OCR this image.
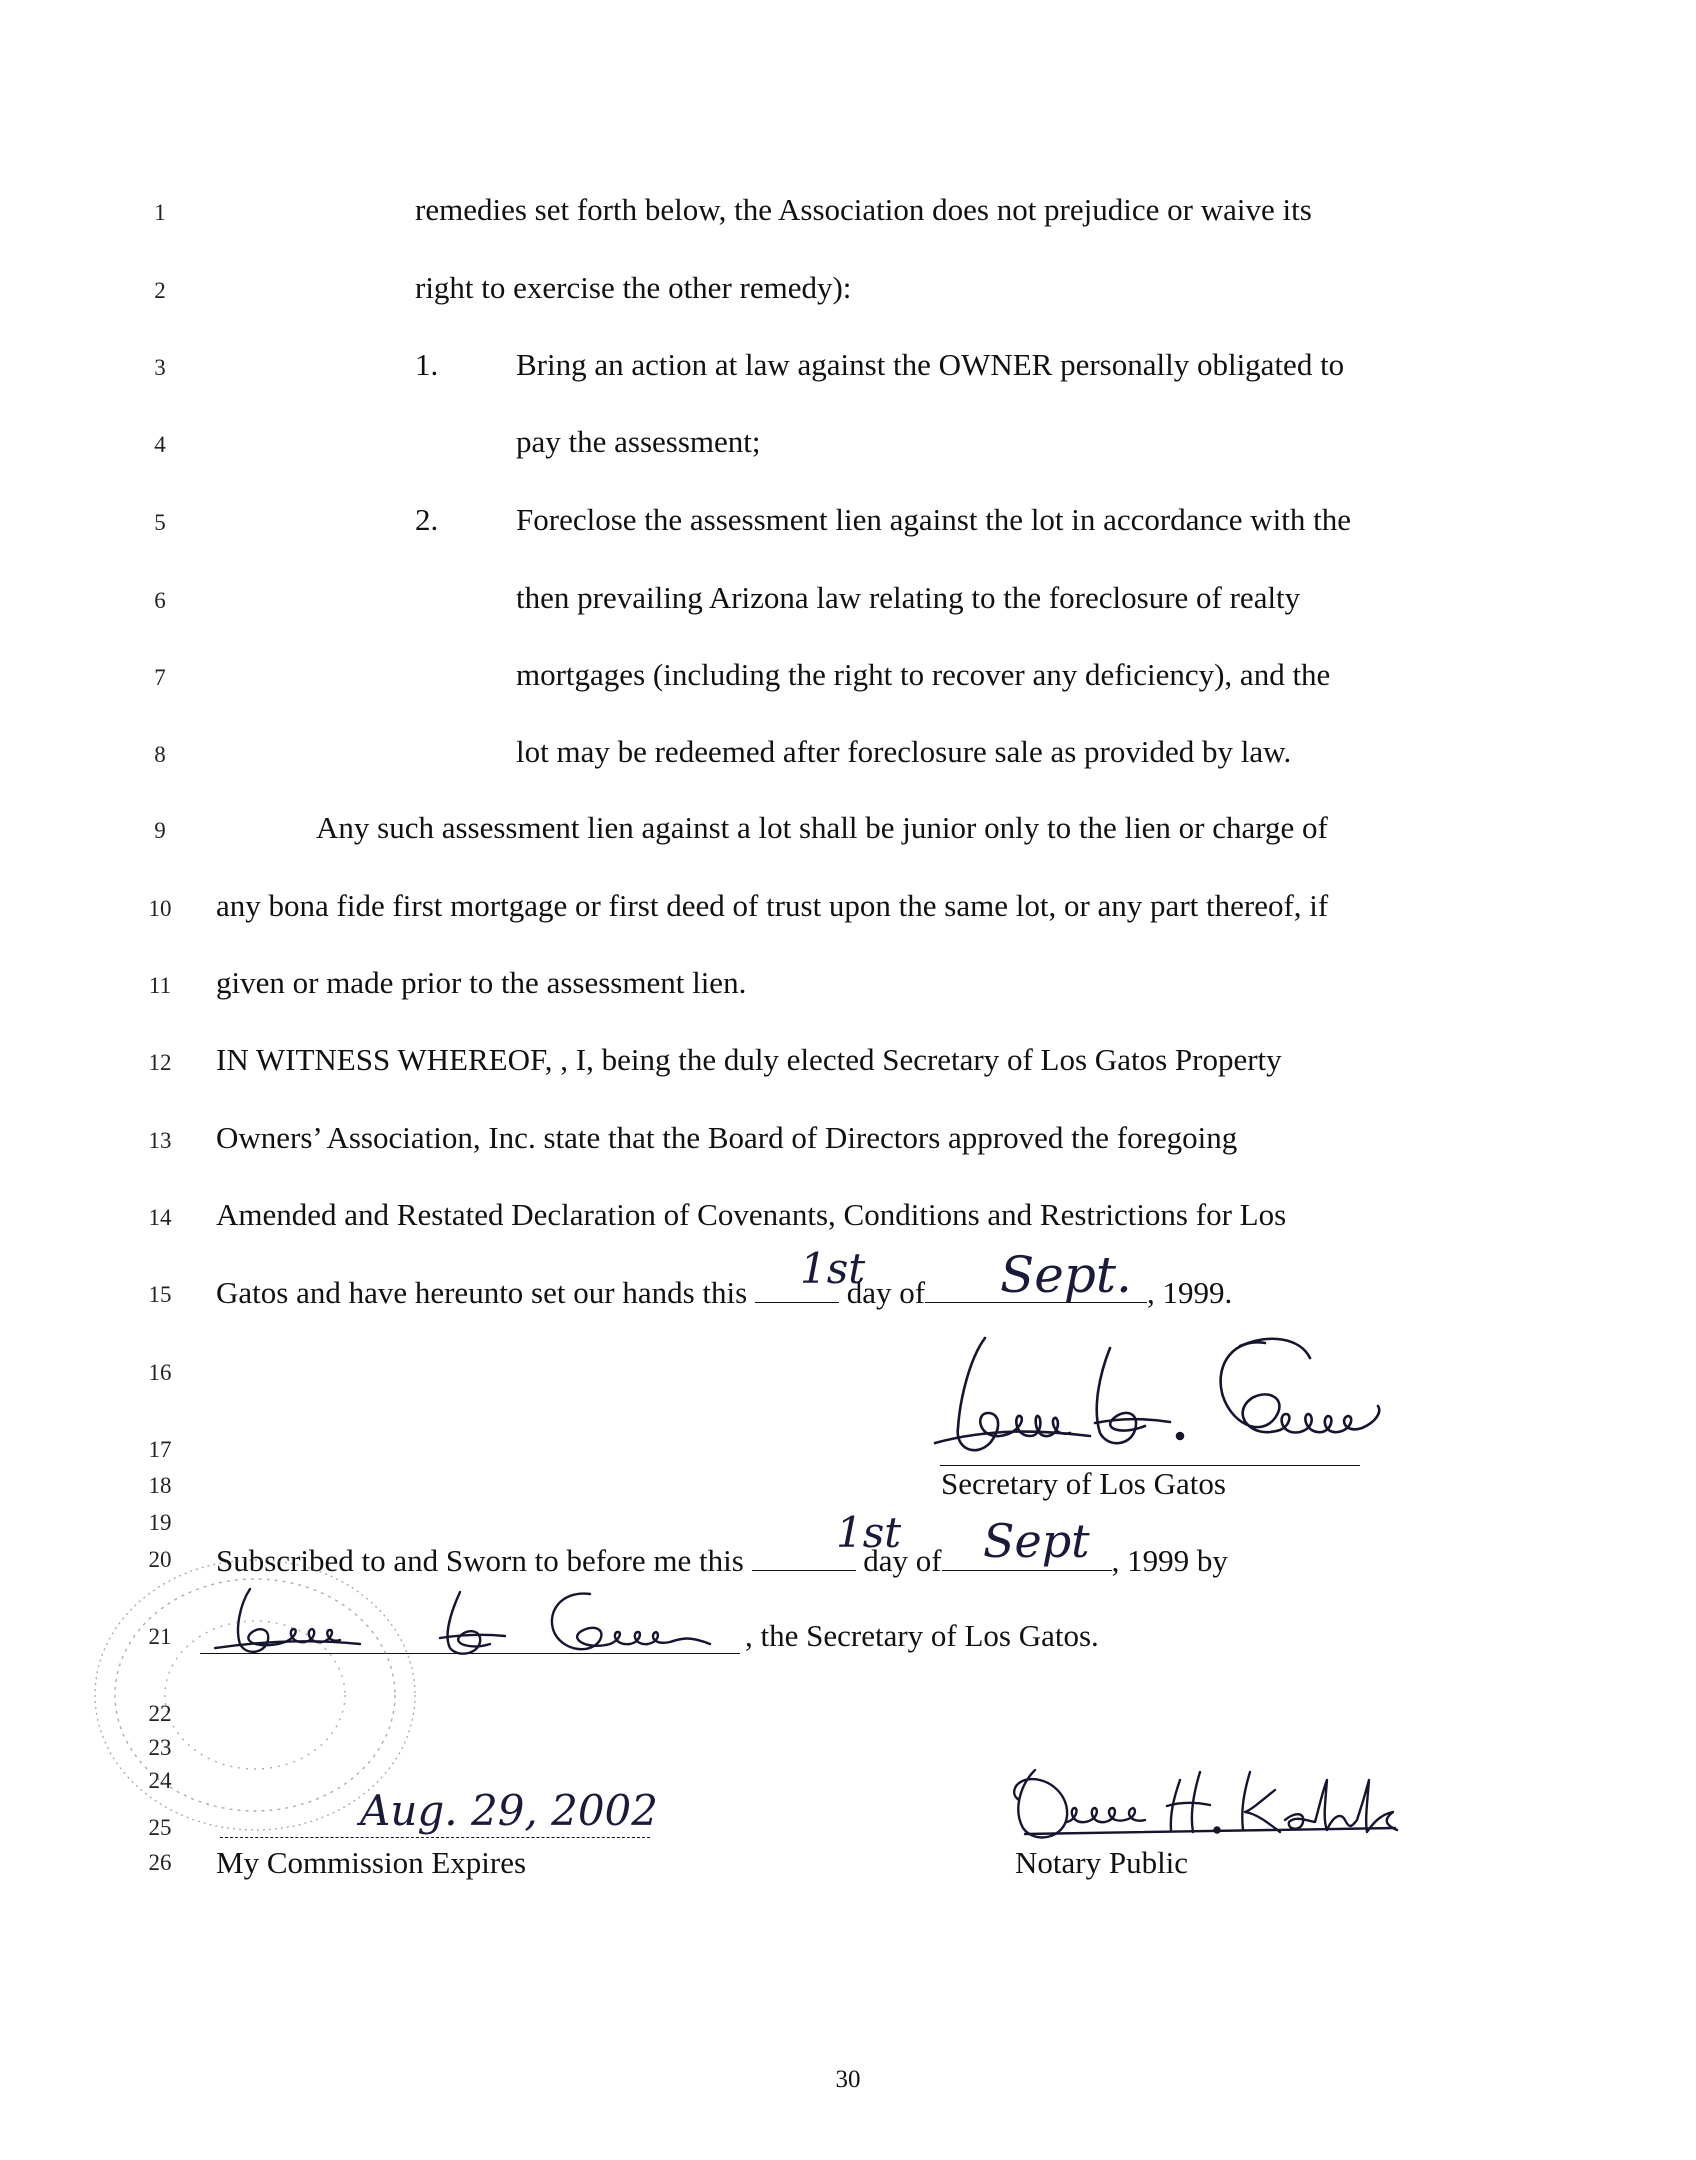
1
2
3
4
5
6
7
8
9
10
11
12
13
14
15
16
17
18
19
20
21
22
23
24
25
26
remedies set forth below, the Association does not prejudice or waive its
right to exercise the other remedy):
1.	Bring an action at law against the OWNER personally obligated to
pay the assessment;
2.	Foreclose the assessment lien against the lot in accordance with the
then prevailing Arizona law relating to the foreclosure of realty
mortgages (including the right to recover any deficiency), and the
lot may be redeemed after foreclosure sale as provided by law.
Any such assessment lien against a lot shall be junior only to the lien or charge of
any bona fide first mortgage or first deed of trust upon the same lot, or any part thereof, if
given or made prior to the assessment lien.
IN WITNESS WHEREOF, , I, being the duly elected Secretary of Los Gatos Property
Owners’ Association, Inc. state that the Board of Directors approved the foregoing
Amended and Restated Declaration of Covenants, Conditions and Restrictions for Los
Gatos and have hereunto set our hands this	day of	, 1999.
1st	Sept.
Secretary of Los Gatos
Subscribed to and Sworn to before me this	day of	, 1999 by
1st Sept
, the Secretary of Los Gatos.
Aug. 29, 2002
My Commission Expires	Notary Public
30
